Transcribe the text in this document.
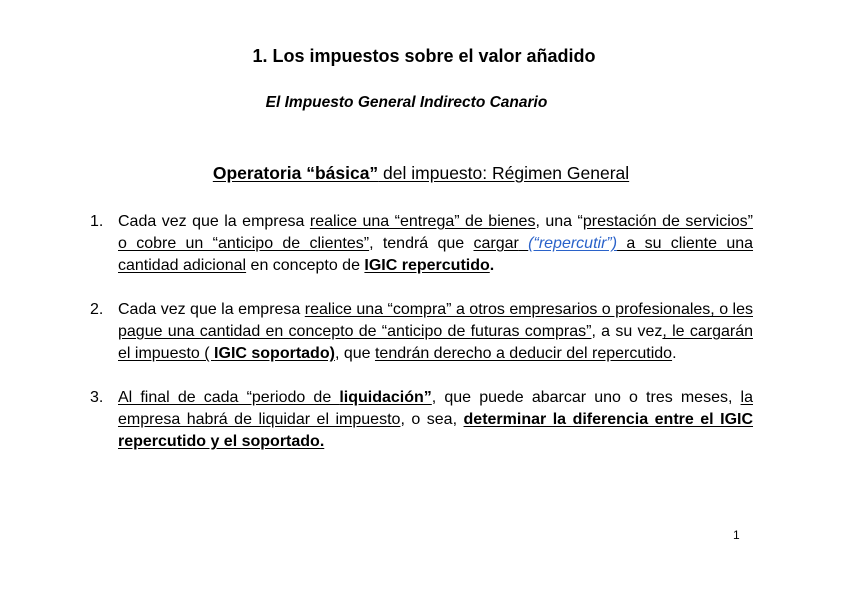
1. Los impuestos sobre el valor añadido
El Impuesto General Indirecto Canario
Operatoria “básica” del impuesto: Régimen General
1. Cada vez que la empresa realice una “entrega” de bienes, una “prestación de servicios” o cobre un “anticipo de clientes”, tendrá que cargar (“repercutir”) a su cliente una cantidad adicional en concepto de IGIC repercutido.
2. Cada vez que la empresa realice una “compra” a otros empresarios o profesionales, o les pague una cantidad en concepto de “anticipo de futuras compras”, a su vez, le cargarán el impuesto ( IGIC soportado), que tendrán derecho a deducir del repercutido.
3. Al final de cada “periodo de liquidación”, que puede abarcar uno o tres meses, la empresa habrá de liquidar el impuesto, o sea, determinar la diferencia entre el IGIC repercutido y el soportado.
1
